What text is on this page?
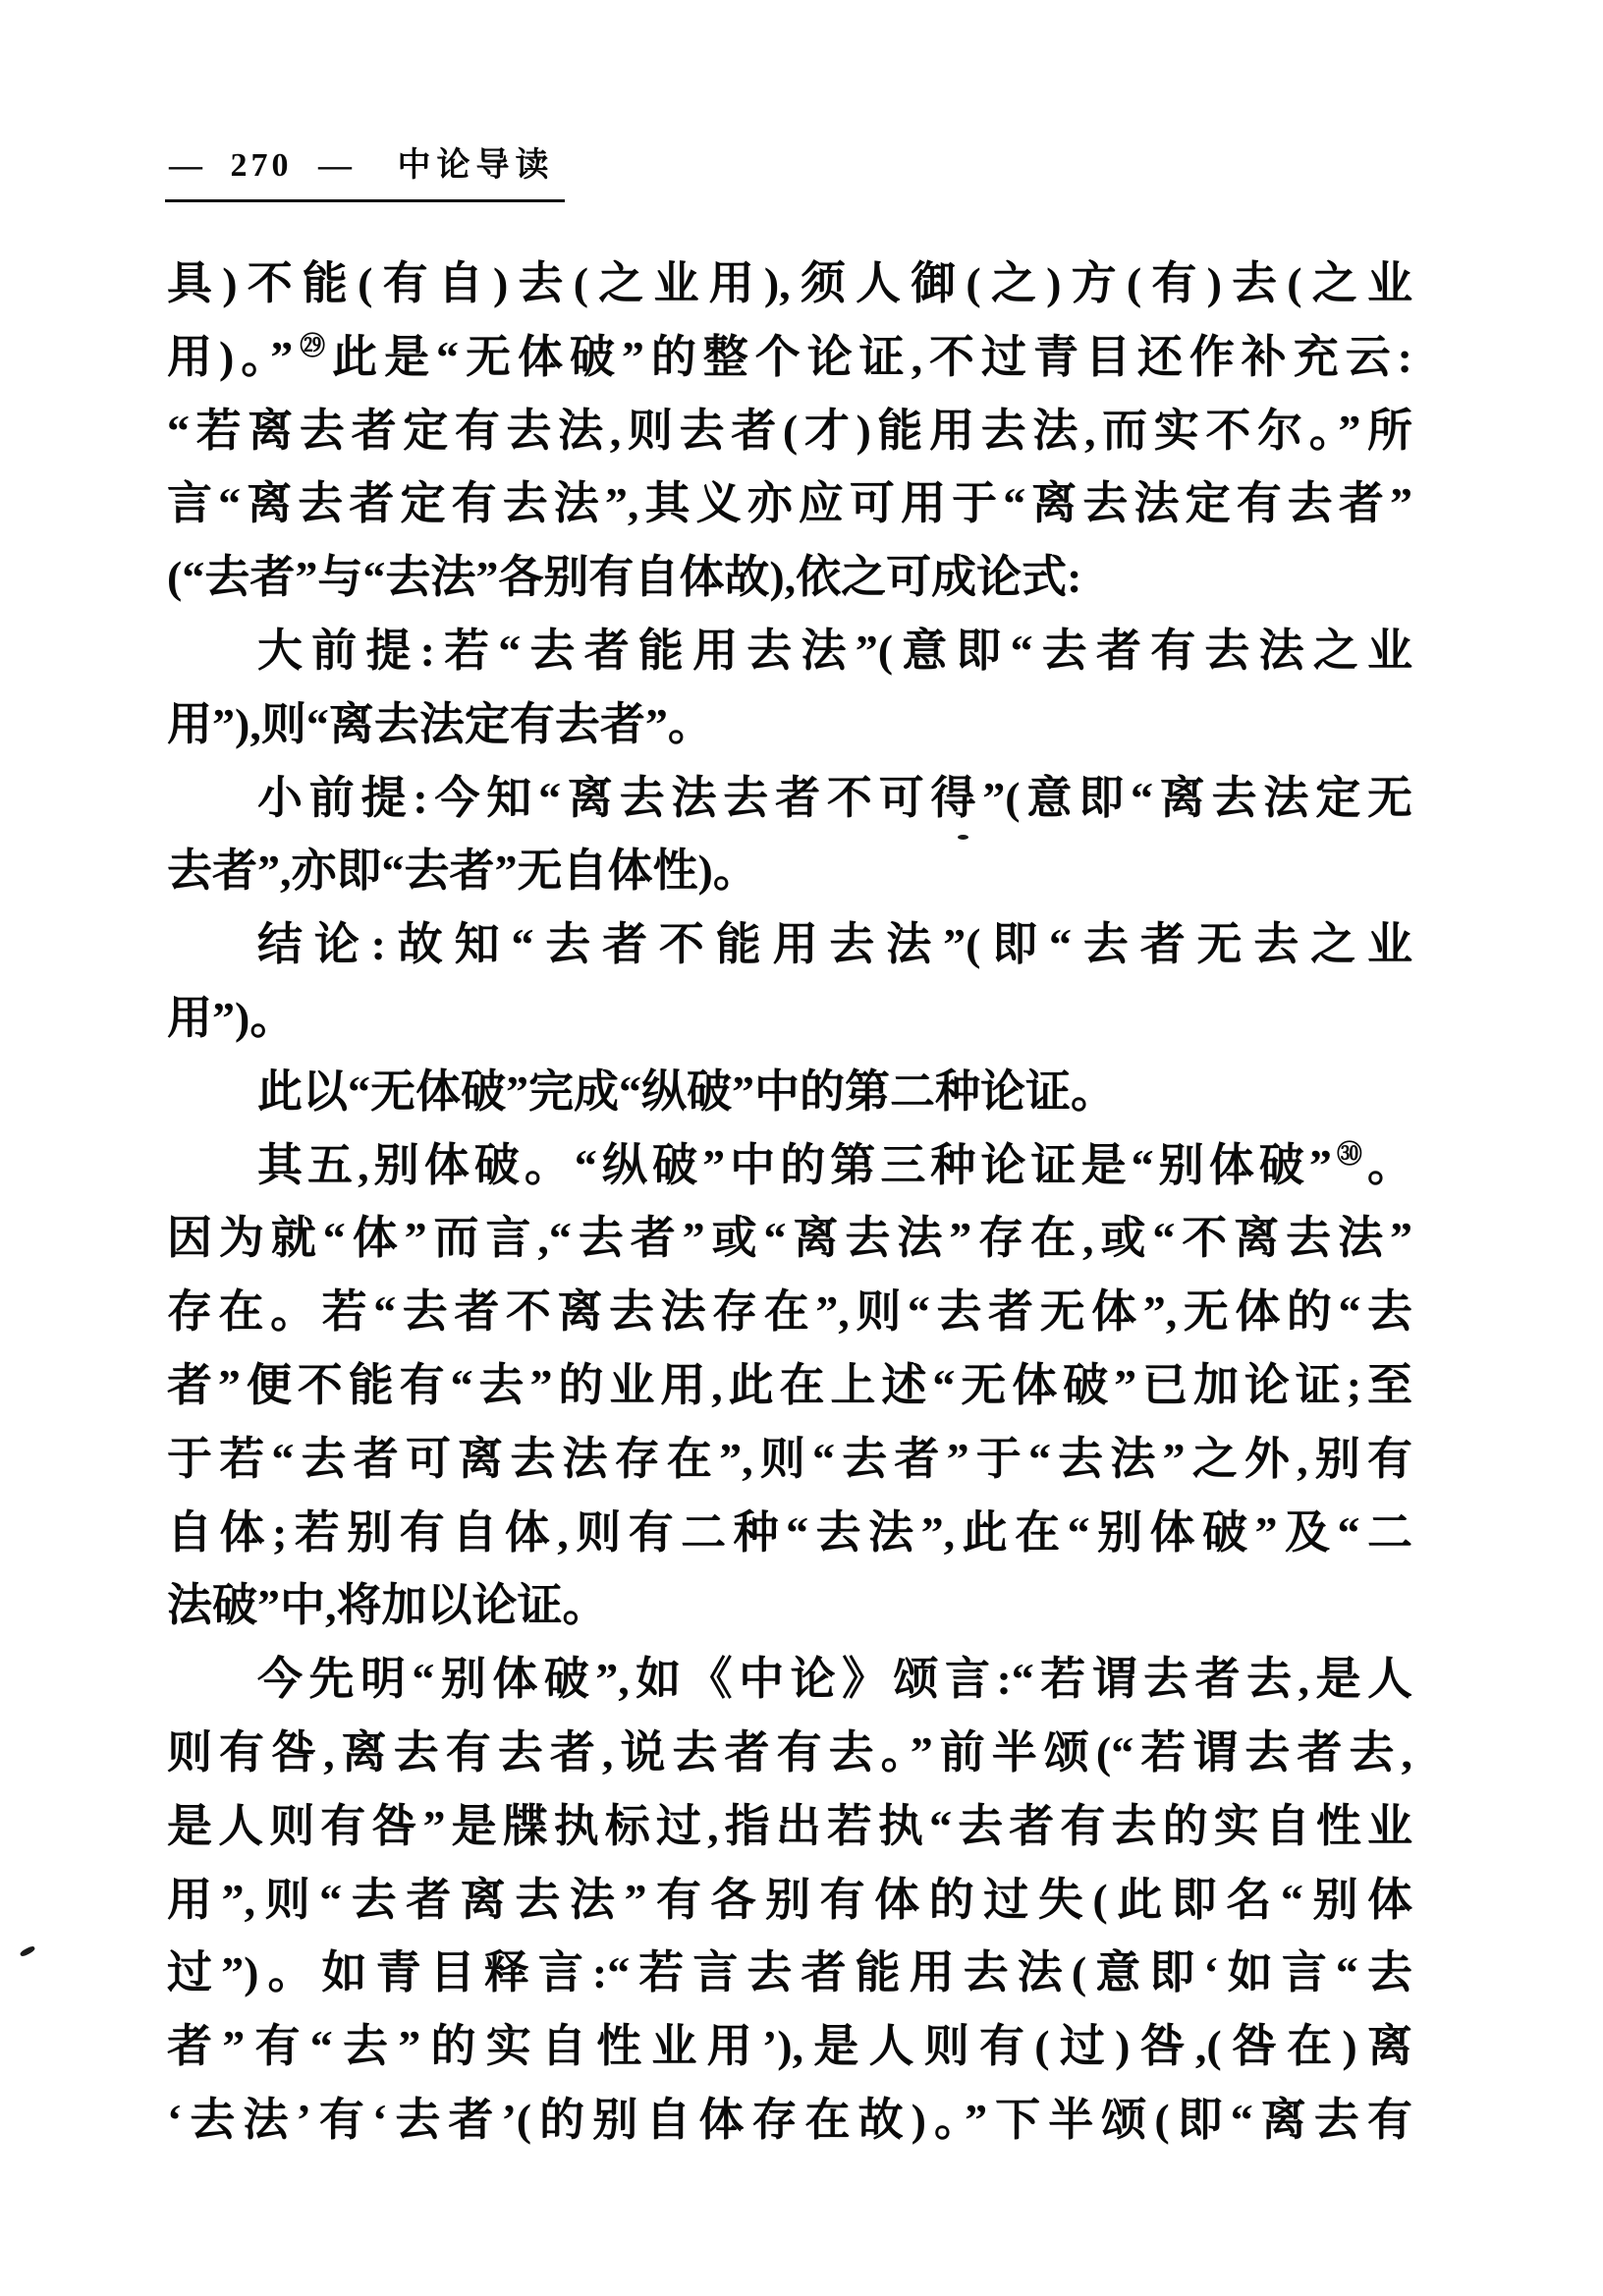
— 270 — 中论导读

具)不能(有自)去(之业用),须人御(之)方(有)去(之业

用)。”$^㉙$此是“无体破”的整个论证,不过青目还作补充云:

“若离去者定有去法,则去者(才)能用去法,而实不尔。”所

言“离去者定有去法”,其义亦应可用于“离去法定有去者”

(“去者”与“去法”各别有自体故),依之可成论式:

大前提:若“去者能用去法”(意即“去者有去法之业

用”),则“离去法定有去者”。

小前提:今知“离去法去者不可得”(意即“离去法定无

去者”,亦即“去者”无自体性)。

结论:故知“去者不能用去法”(即“去者无去之业

用”)。

此以“无体破”完成“纵破”中的第二种论证。

其五,别体破。“纵破”中的第三种论证是“别体破”$^㉚$。

因为就“体”而言,“去者”或“离去法”存在,或“不离去法”

存在。若“去者不离去法存在”,则“去者无体”,无体的“去

者”便不能有“去”的业用,此在上述“无体破”已加论证;至

于若“去者可离去法存在”,则“去者”于“去法”之外,别有

自体;若别有自体,则有二种“去法”,此在“别体破”及“二

法破”中,将加以论证。

今先明“别体破”,如《中论》颂言:“若谓去者去,是人

则有咎,离去有去者,说去者有去。”前半颂(“若谓去者去,

是人则有咎”是牒执标过,指出若执“去者有去的实自性业

用”,则“去者离去法”有各别有体的过失(此即名“别体

过”)。如青目释言:“若言去者能用去法(意即‘如言“去

者”有“去”的实自性业用’),是人则有(过)咎,(咎在)离

‘去法’有‘去者’(的别自体存在故)。”下半颂(即“离去有
